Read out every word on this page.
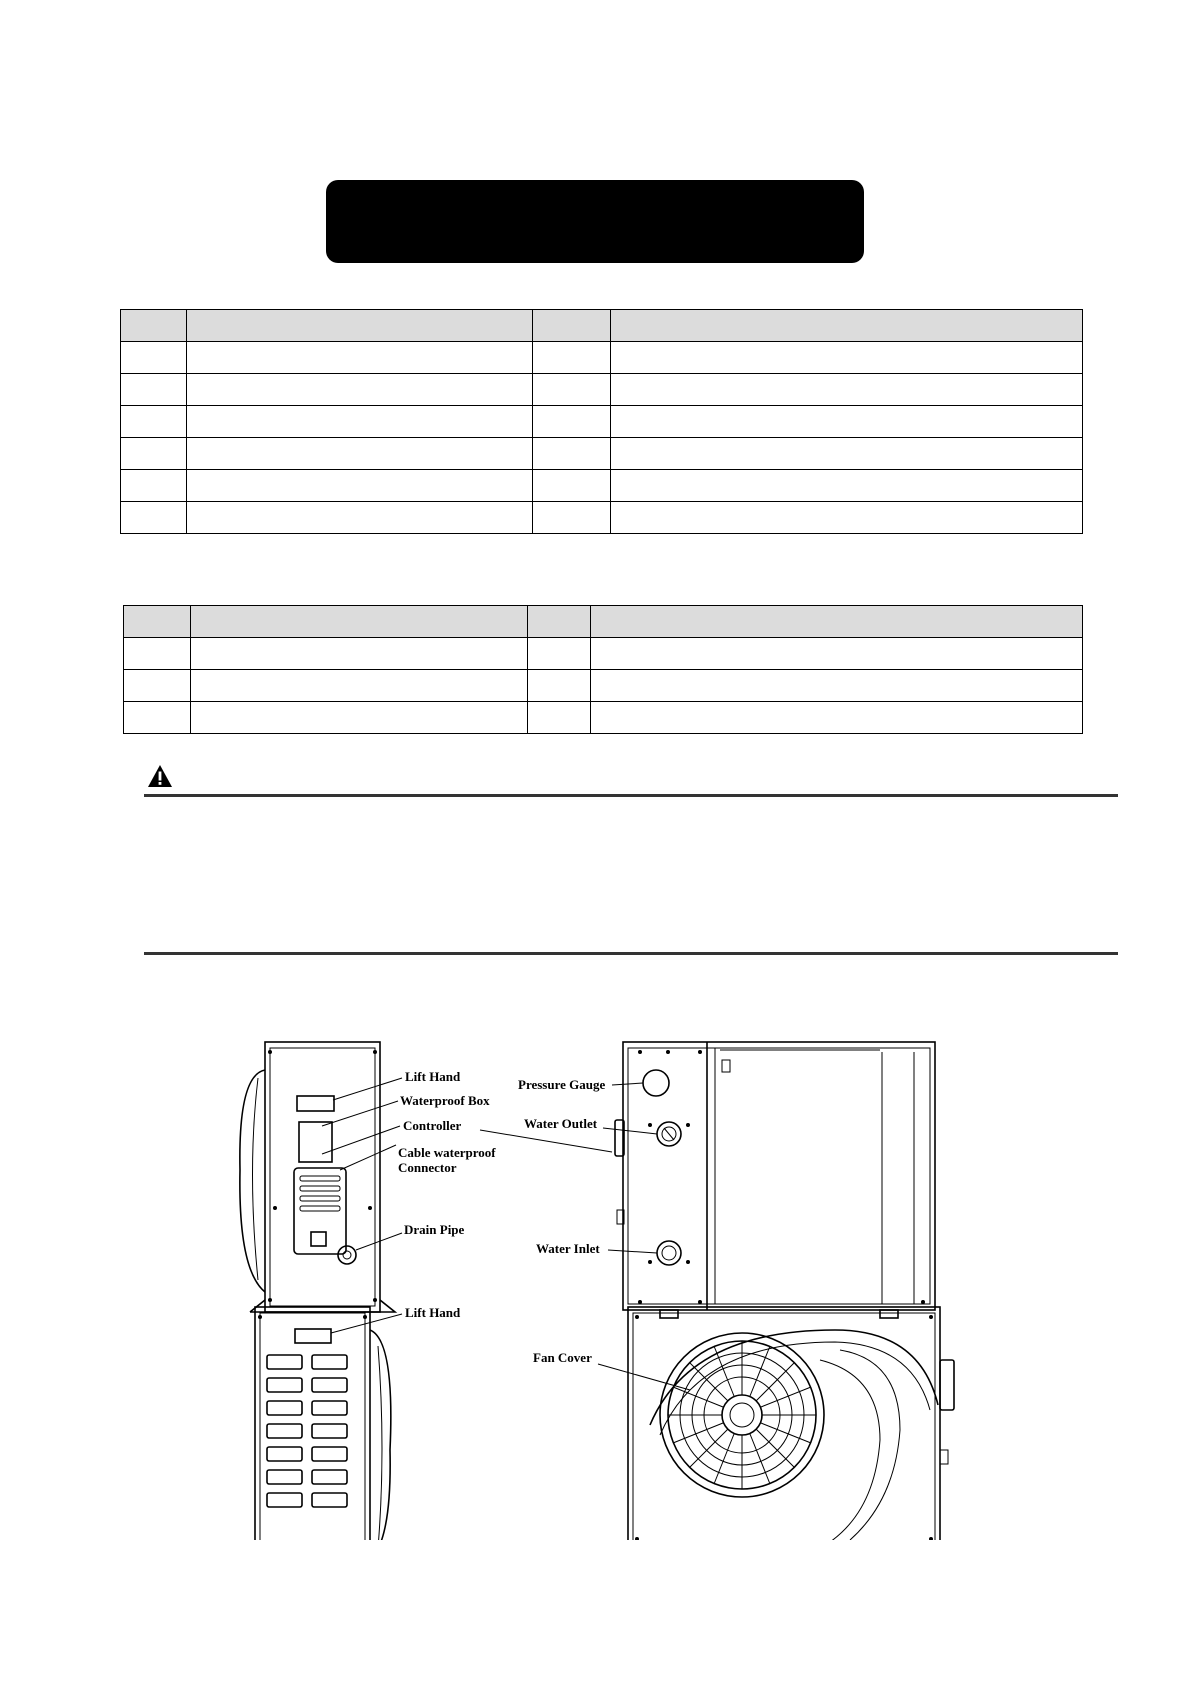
Lift Hand
Waterproof Box
Controller
Cable waterproof
Connector
Drain Pipe
Pressure Gauge
Water Outlet
Water Inlet
Lift Hand
Fan Cover
